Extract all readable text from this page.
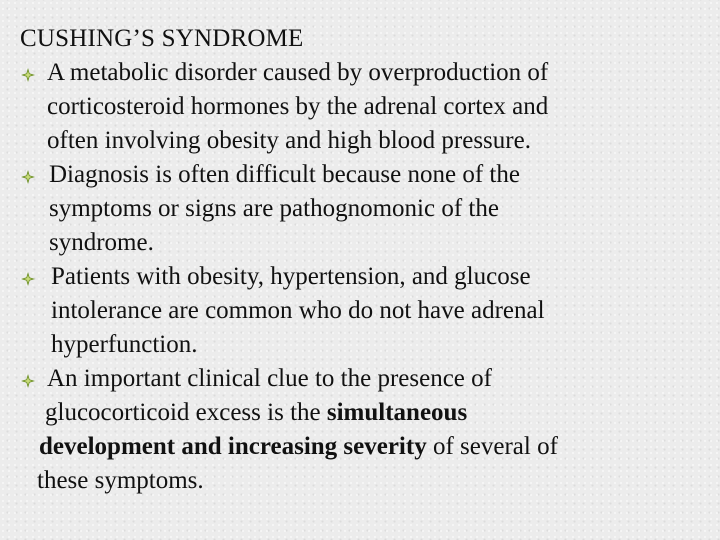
CUSHING’S SYNDROME
A metabolic disorder caused by overproduction of
corticosteroid hormones by the adrenal cortex and
often involving obesity and high blood pressure.
Diagnosis is often difficult because none of the
symptoms or signs are pathognomonic of the
syndrome.
Patients with obesity, hypertension, and glucose
intolerance are common who do not have adrenal
hyperfunction.
An important clinical clue to the presence of
glucocorticoid excess is the simultaneous
development and increasing severity of several of
these symptoms.
